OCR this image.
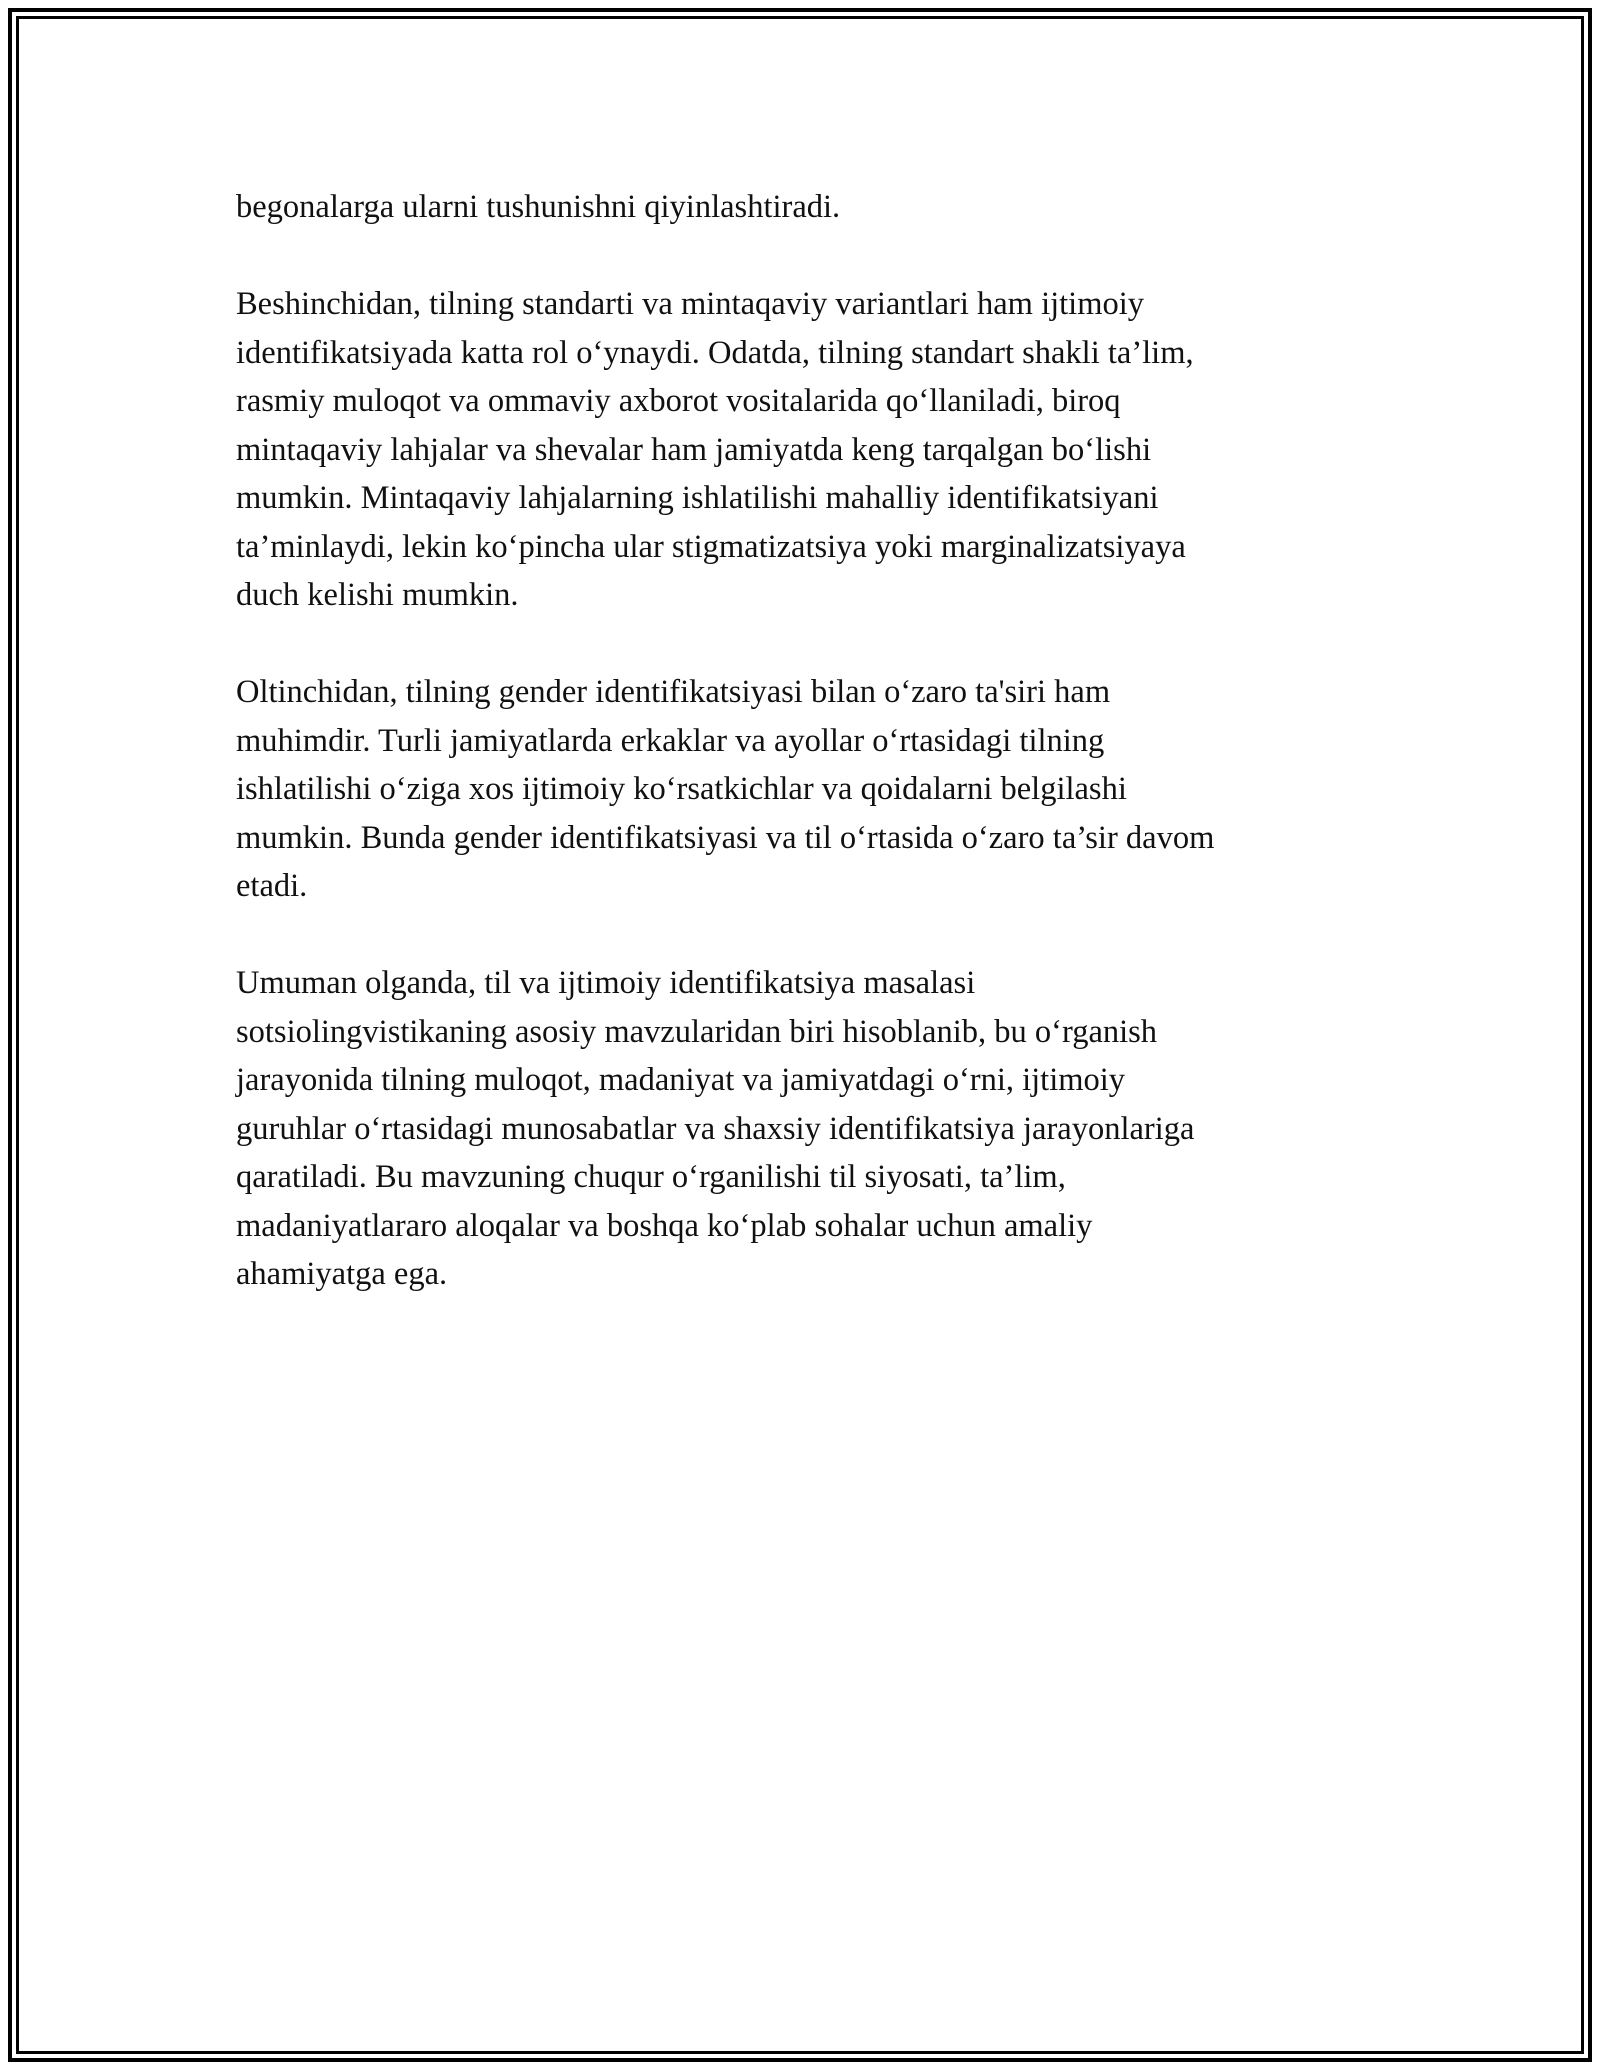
begonalarga ularni tushunishni qiyinlashtiradi.

Beshinchidan, tilning standarti va mintaqaviy variantlari ham ijtimoiy
identifikatsiyada katta rol o‘ynaydi. Odatda, tilning standart shakli ta’lim,
rasmiy muloqot va ommaviy axborot vositalarida qo‘llaniladi, biroq
mintaqaviy lahjalar va shevalar ham jamiyatda keng tarqalgan bo‘lishi
mumkin. Mintaqaviy lahjalarning ishlatilishi mahalliy identifikatsiyani
ta’minlaydi, lekin ko‘pincha ular stigmatizatsiya yoki marginalizatsiyaya
duch kelishi mumkin.

Oltinchidan, tilning gender identifikatsiyasi bilan o‘zaro ta'siri ham
muhimdir. Turli jamiyatlarda erkaklar va ayollar o‘rtasidagi tilning
ishlatilishi o‘ziga xos ijtimoiy ko‘rsatkichlar va qoidalarni belgilashi
mumkin. Bunda gender identifikatsiyasi va til o‘rtasida o‘zaro ta’sir davom
etadi.

Umuman olganda, til va ijtimoiy identifikatsiya masalasi
sotsiolingvistikaning asosiy mavzularidan biri hisoblanib, bu o‘rganish
jarayonida tilning muloqot, madaniyat va jamiyatdagi o‘rni, ijtimoiy
guruhlar o‘rtasidagi munosabatlar va shaxsiy identifikatsiya jarayonlariga
qaratiladi. Bu mavzuning chuqur o‘rganilishi til siyosati, ta’lim,
madaniyatlararo aloqalar va boshqa ko‘plab sohalar uchun amaliy
ahamiyatga ega.
